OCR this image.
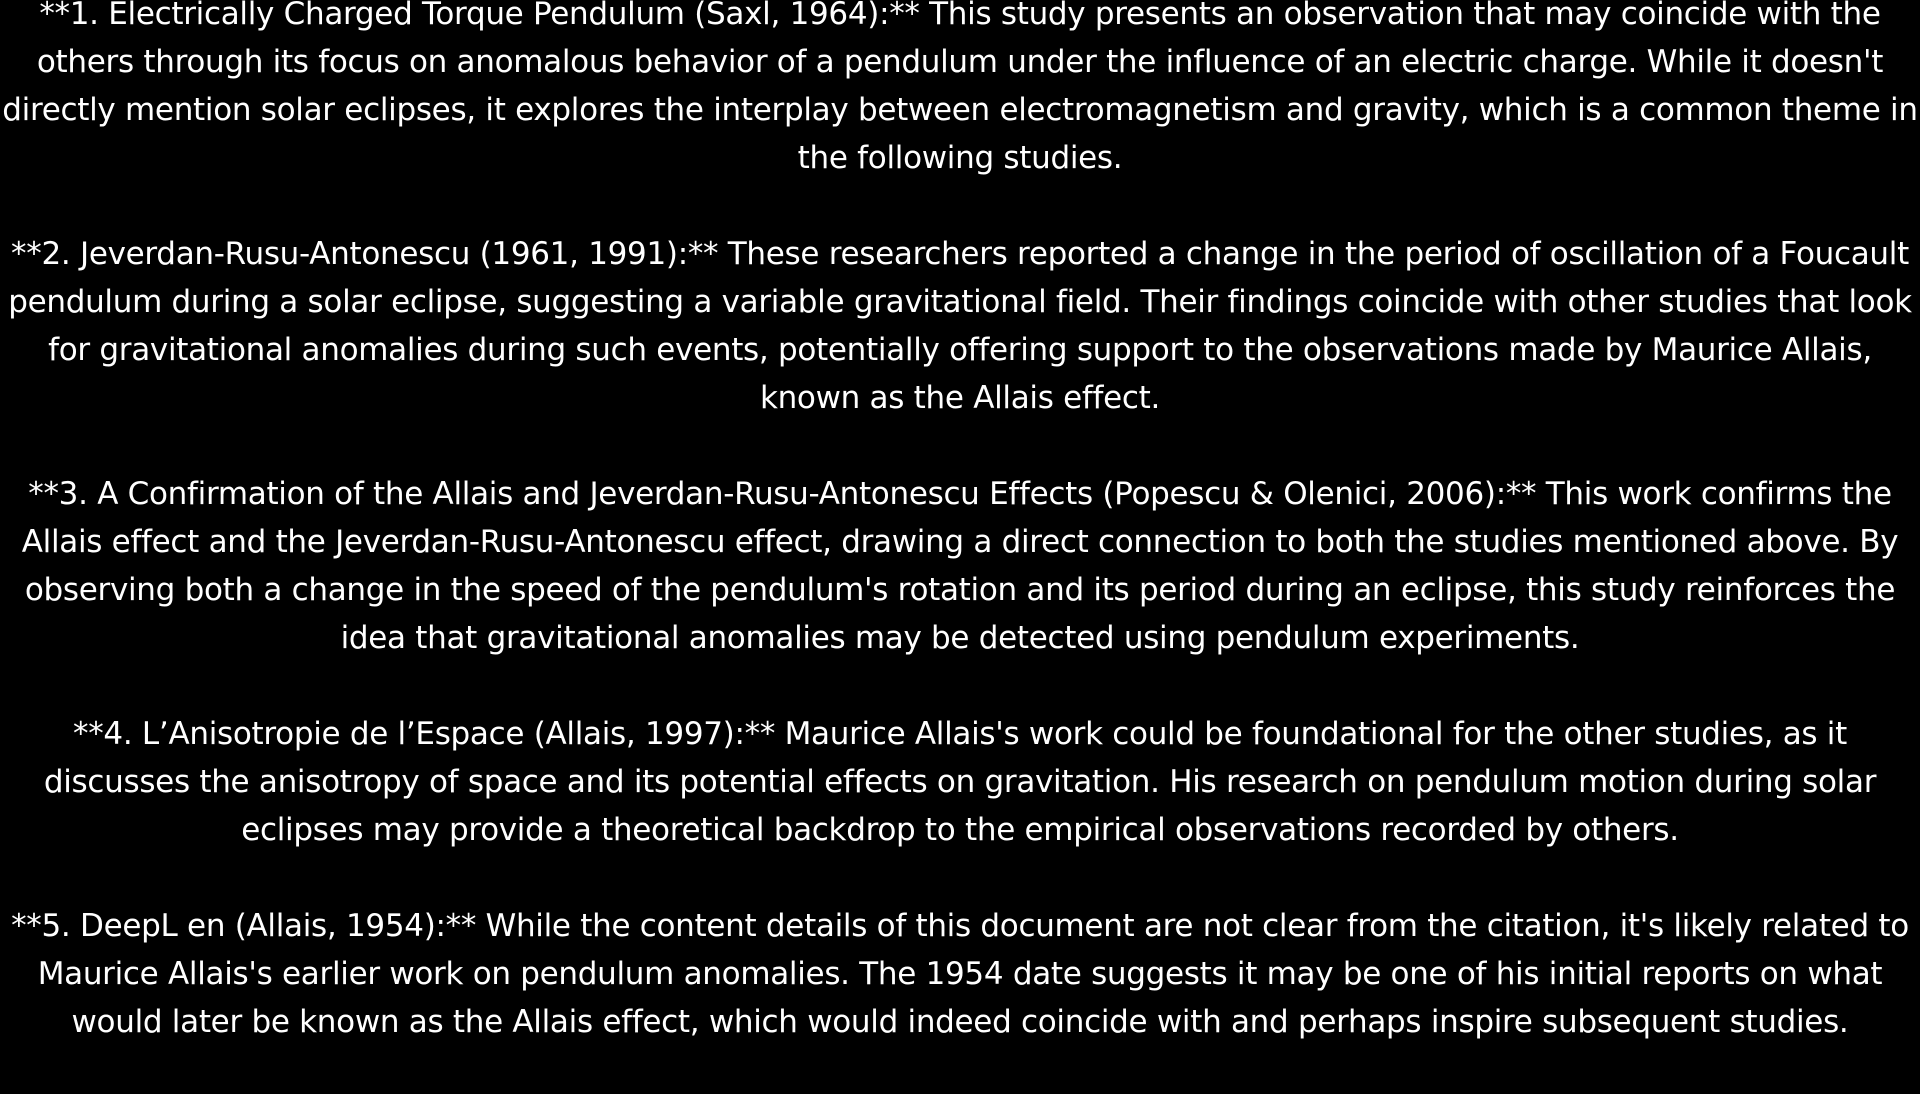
**1. Electrically Charged Torque Pendulum (Saxl, 1964):** This study presents an observation that may coincide with the others through its focus on anomalous behavior of a pendulum under the influence of an electric charge. While it doesn't directly mention solar eclipses, it explores the interplay between electromagnetism and gravity, which is a common theme in the following studies.

**2. Jeverdan-Rusu-Antonescu (1961, 1991):** These researchers reported a change in the period of oscillation of a Foucault pendulum during a solar eclipse, suggesting a variable gravitational field. Their findings coincide with other studies that look for gravitational anomalies during such events, potentially offering support to the observations made by Maurice Allais, known as the Allais effect.

**3. A Confirmation of the Allais and Jeverdan-Rusu-Antonescu Effects (Popescu & Olenici, 2006):** This work confirms the Allais effect and the Jeverdan-Rusu-Antonescu effect, drawing a direct connection to both the studies mentioned above. By observing both a change in the speed of the pendulum's rotation and its period during an eclipse, this study reinforces the idea that gravitational anomalies may be detected using pendulum experiments.

**4. L’Anisotropie de l’Espace (Allais, 1997):** Maurice Allais's work could be foundational for the other studies, as it discusses the anisotropy of space and its potential effects on gravitation. His research on pendulum motion during solar eclipses may provide a theoretical backdrop to the empirical observations recorded by others.

**5. DeepL en (Allais, 1954):** While the content details of this document are not clear from the citation, it's likely related to Maurice Allais's earlier work on pendulum anomalies. The 1954 date suggests it may be one of his initial reports on what would later be known as the Allais effect, which would indeed coincide with and perhaps inspire subsequent studies.
